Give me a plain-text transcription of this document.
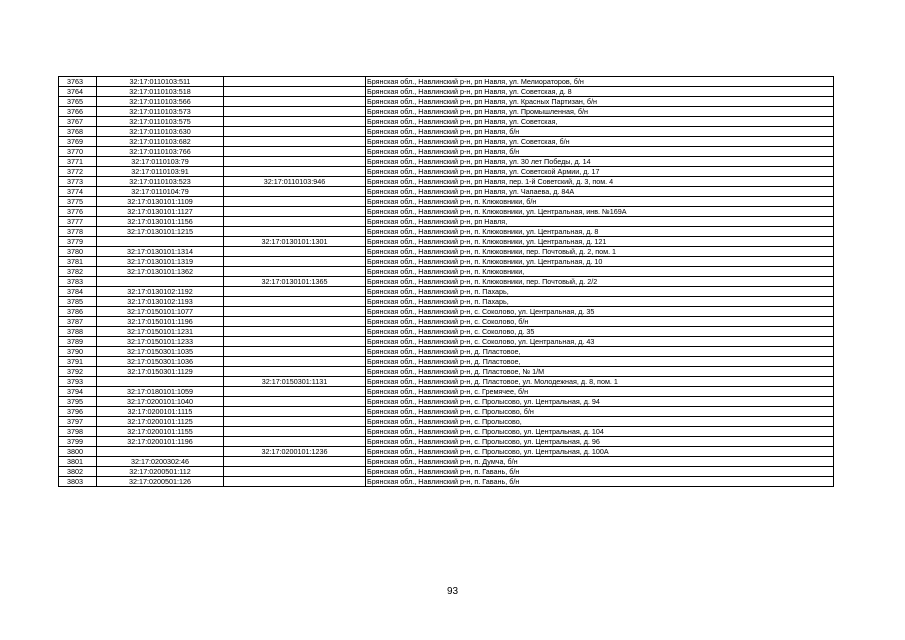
3763	32:17:0110103:511		Брянская обл., Навлинский р-н, рп Навля, ул. Мелиораторов, б/н
3764	32:17:0110103:518		Брянская обл., Навлинский р-н, рп Навля, ул. Советская, д. 8
3765	32:17:0110103:566		Брянская обл., Навлинский р-н, рп Навля, ул. Красных Партизан, б/н
3766	32:17:0110103:573		Брянская обл., Навлинский р-н, рп Навля, ул. Промышленная, б/н
3767	32:17:0110103:575		Брянская обл., Навлинский р-н, рп Навля, ул. Советская,
3768	32:17:0110103:630		Брянская обл., Навлинский р-н, рп Навля, б/н
3769	32:17:0110103:682		Брянская обл., Навлинский р-н, рп Навля, ул. Советская, б/н
3770	32:17:0110103:766		Брянская обл., Навлинский р-н, рп Навля, б/н
3771	32:17:0110103:79		Брянская обл., Навлинский р-н, рп Навля, ул. 30 лет Победы, д. 14
3772	32:17:0110103:91		Брянская обл., Навлинский р-н, рп Навля, ул. Советской Армии, д. 17
3773	32:17:0110103:523	32:17:0110103:946	Брянская обл., Навлинский р-н, рп Навля, пер. 1-й Советский, д. 3, пом. 4
3774	32:17:0110104:79		Брянская обл., Навлинский р-н, рп Навля, ул. Чапаева, д. 84А
3775	32:17:0130101:1109		Брянская обл., Навлинский р-н, п. Клюковники, б/н
3776	32:17:0130101:1127		Брянская обл., Навлинский р-н, п. Клюковники, ул. Центральная, инв. №169А
3777	32:17:0130101:1156		Брянская обл., Навлинский р-н, рп Навля,
3778	32:17:0130101:1215		Брянская обл., Навлинский р-н, п. Клюковники, ул. Центральная, д. 8
3779		32:17:0130101:1301	Брянская обл., Навлинский р-н, п. Клюковники, ул. Центральная, д. 121
3780	32:17:0130101:1314		Брянская обл., Навлинский р-н, п. Клюковники, пер. Почтовый, д. 2, пом. 1
3781	32:17:0130101:1319		Брянская обл., Навлинский р-н, п. Клюковники, ул. Центральная, д. 10
3782	32:17:0130101:1362		Брянская обл., Навлинский р-н, п. Клюковники,
3783		32:17:0130101:1365	Брянская обл., Навлинский р-н, п. Клюковники, пер. Почтовый, д. 2/2
3784	32:17:0130102:1192		Брянская обл., Навлинский р-н, п. Пахарь,
3785	32:17:0130102:1193		Брянская обл., Навлинский р-н, п. Пахарь,
3786	32:17:0150101:1077		Брянская обл., Навлинский р-н, с. Соколово, ул. Центральная, д. 35
3787	32:17:0150101:1196		Брянская обл., Навлинский р-н, с. Соколово, б/н
3788	32:17:0150101:1231		Брянская обл., Навлинский р-н, с. Соколово, д. 35
3789	32:17:0150101:1233		Брянская обл., Навлинский р-н, с. Соколово, ул. Центральная, д. 43
3790	32:17:0150301:1035		Брянская обл., Навлинский р-н, д. Пластовое,
3791	32:17:0150301:1036		Брянская обл., Навлинский р-н, д. Пластовое,
3792	32:17:0150301:1129		Брянская обл., Навлинский р-н, д. Пластовое, № 1/М
3793		32:17:0150301:1131	Брянская обл., Навлинский р-н, д. Пластовое, ул. Молодежная, д. 8, пом. 1
3794	32:17:0180101:1059		Брянская обл., Навлинский р-н, с. Гремячее, б/н
3795	32:17:0200101:1040		Брянская обл., Навлинский р-н, с. Пролысово, ул. Центральная, д. 94
3796	32:17:0200101:1115		Брянская обл., Навлинский р-н, с. Пролысово, б/н
3797	32:17:0200101:1125		Брянская обл., Навлинский р-н, с. Пролысово,
3798	32:17:0200101:1155		Брянская обл., Навлинский р-н, с. Пролысово, ул. Центральная, д. 104
3799	32:17:0200101:1196		Брянская обл., Навлинский р-н, с. Пролысово, ул. Центральная, д. 96
3800		32:17:0200101:1236	Брянская обл., Навлинский р-н, с. Пролысово, ул. Центральная, д. 100А
3801	32:17:0200302:46		Брянская обл., Навлинский р-н, п. Думча, б/н
3802	32:17:0200501:112		Брянская обл., Навлинский р-н, п. Гавань, б/н
3803	32:17:0200501:126		Брянская обл., Навлинский р-н, п. Гавань, б/н
93
